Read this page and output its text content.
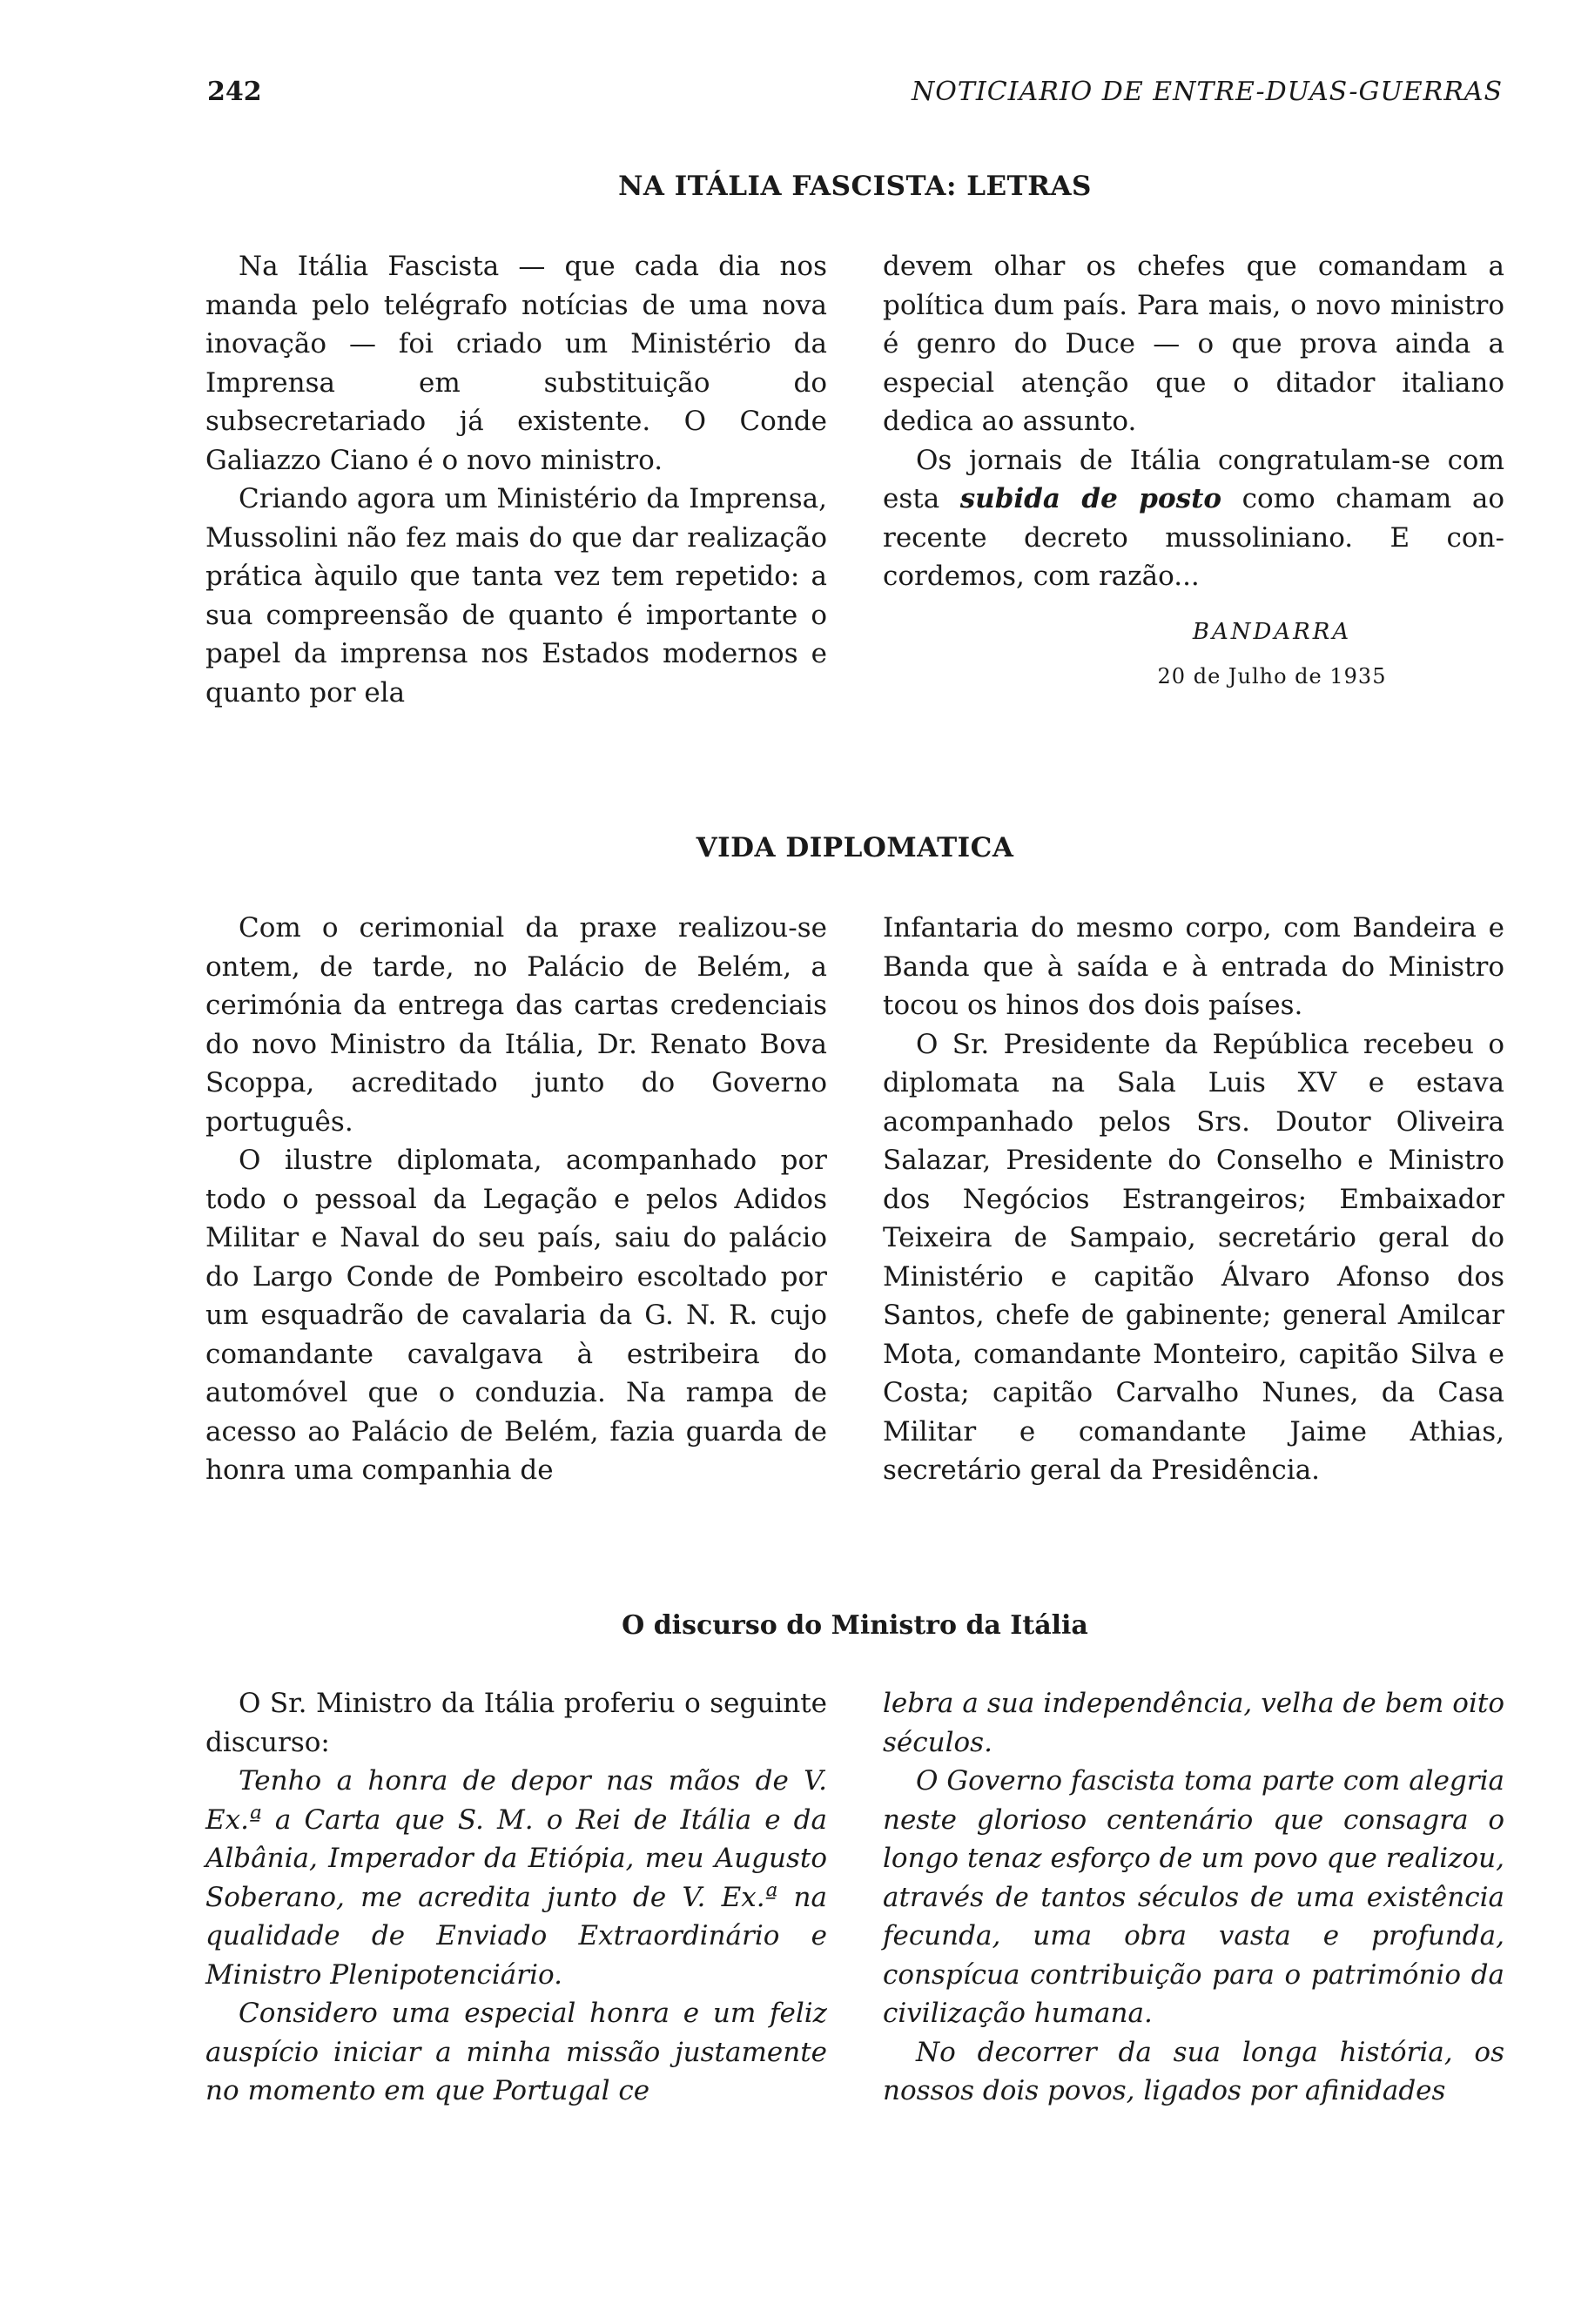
242	NOTICIARIO DE ENTRE-DUAS-GUERRAS
NA ITÁLIA FASCISTA: LETRAS

Na Itália Fascista — que cada dia nos manda pelo telégrafo notícias de uma nova inovação — foi criado um Ministério da Imprensa em substituição do subsecretariado já existente. O Conde Galiazzo Ciano é o novo ministro.

Criando agora um Ministério da Imprensa, Mussolini não fez mais do que dar realização prática àquilo que tanta vez tem repetido: a sua compreensão de quanto é importante o papel da imprensa nos Estados modernos e quanto por ela

devem olhar os chefes que comandam a política dum país. Para mais, o novo ministro é genro do Duce — o que prova ainda a especial atenção que o ditador italiano dedica ao assunto.

Os jornais de Itália congratulam-se com esta subida de posto como chamam ao recente decreto mussoliniano. E concordemos, com razão...

BANDARRA
20 de Julho de 1935
VIDA DIPLOMATICA

Com o cerimonial da praxe realizou-se ontem, de tarde, no Palácio de Belém, a cerimónia da entrega das cartas credenciais do novo Ministro da Itália, Dr. Renato Bova Scoppa, acreditado junto do Governo português.

O ilustre diplomata, acompanhado por todo o pessoal da Legação e pelos Adidos Militar e Naval do seu país, saiu do palácio do Largo Conde de Pombeiro escoltado por um esquadrão de cavalaria da G. N. R. cujo comandante cavalgava à estribeira do automóvel que o conduzia. Na rampa de acesso ao Palácio de Belém, fazia guarda de honra uma companhia de

Infantaria do mesmo corpo, com Bandeira e Banda que à saída e à entrada do Ministro tocou os hinos dos dois países.

O Sr. Presidente da República recebeu o diplomata na Sala Luis XV e estava acompanhado pelos Srs. Doutor Oliveira Salazar, Presidente do Conselho e Ministro dos Negócios Estrangeiros; Embaixador Teixeira de Sampaio, secretário geral do Ministério e capitão Álvaro Afonso dos Santos, chefe de gabinente; general Amilcar Mota, comandante Monteiro, capitão Silva e Costa; capitão Carvalho Nunes, da Casa Militar e comandante Jaime Athias, secretário geral da Presidência.

O discurso do Ministro da Itália

O Sr. Ministro da Itália proferiu o seguinte discurso:

Tenho a honra de depor nas mãos de V. Ex.ª a Carta que S. M. o Rei de Itália e da Albânia, Imperador da Etiópia, meu Augusto Soberano, me acredita junto de V. Ex.ª na qualidade de Enviado Extraordinário e Ministro Plenipotenciário.

Considero uma especial honra e um feliz auspício iniciar a minha missão justamente no momento em que Portugal ce

lebra a sua independência, velha de bem oito séculos.

O Governo fascista toma parte com alegria neste glorioso centenário que consagra o longo tenaz esforço de um povo que realizou, através de tantos séculos de uma existência fecunda, uma obra vasta e profunda, conspícua contribuição para o património da civilização humana.

No decorrer da sua longa história, os nossos dois povos, ligados por afinidades
